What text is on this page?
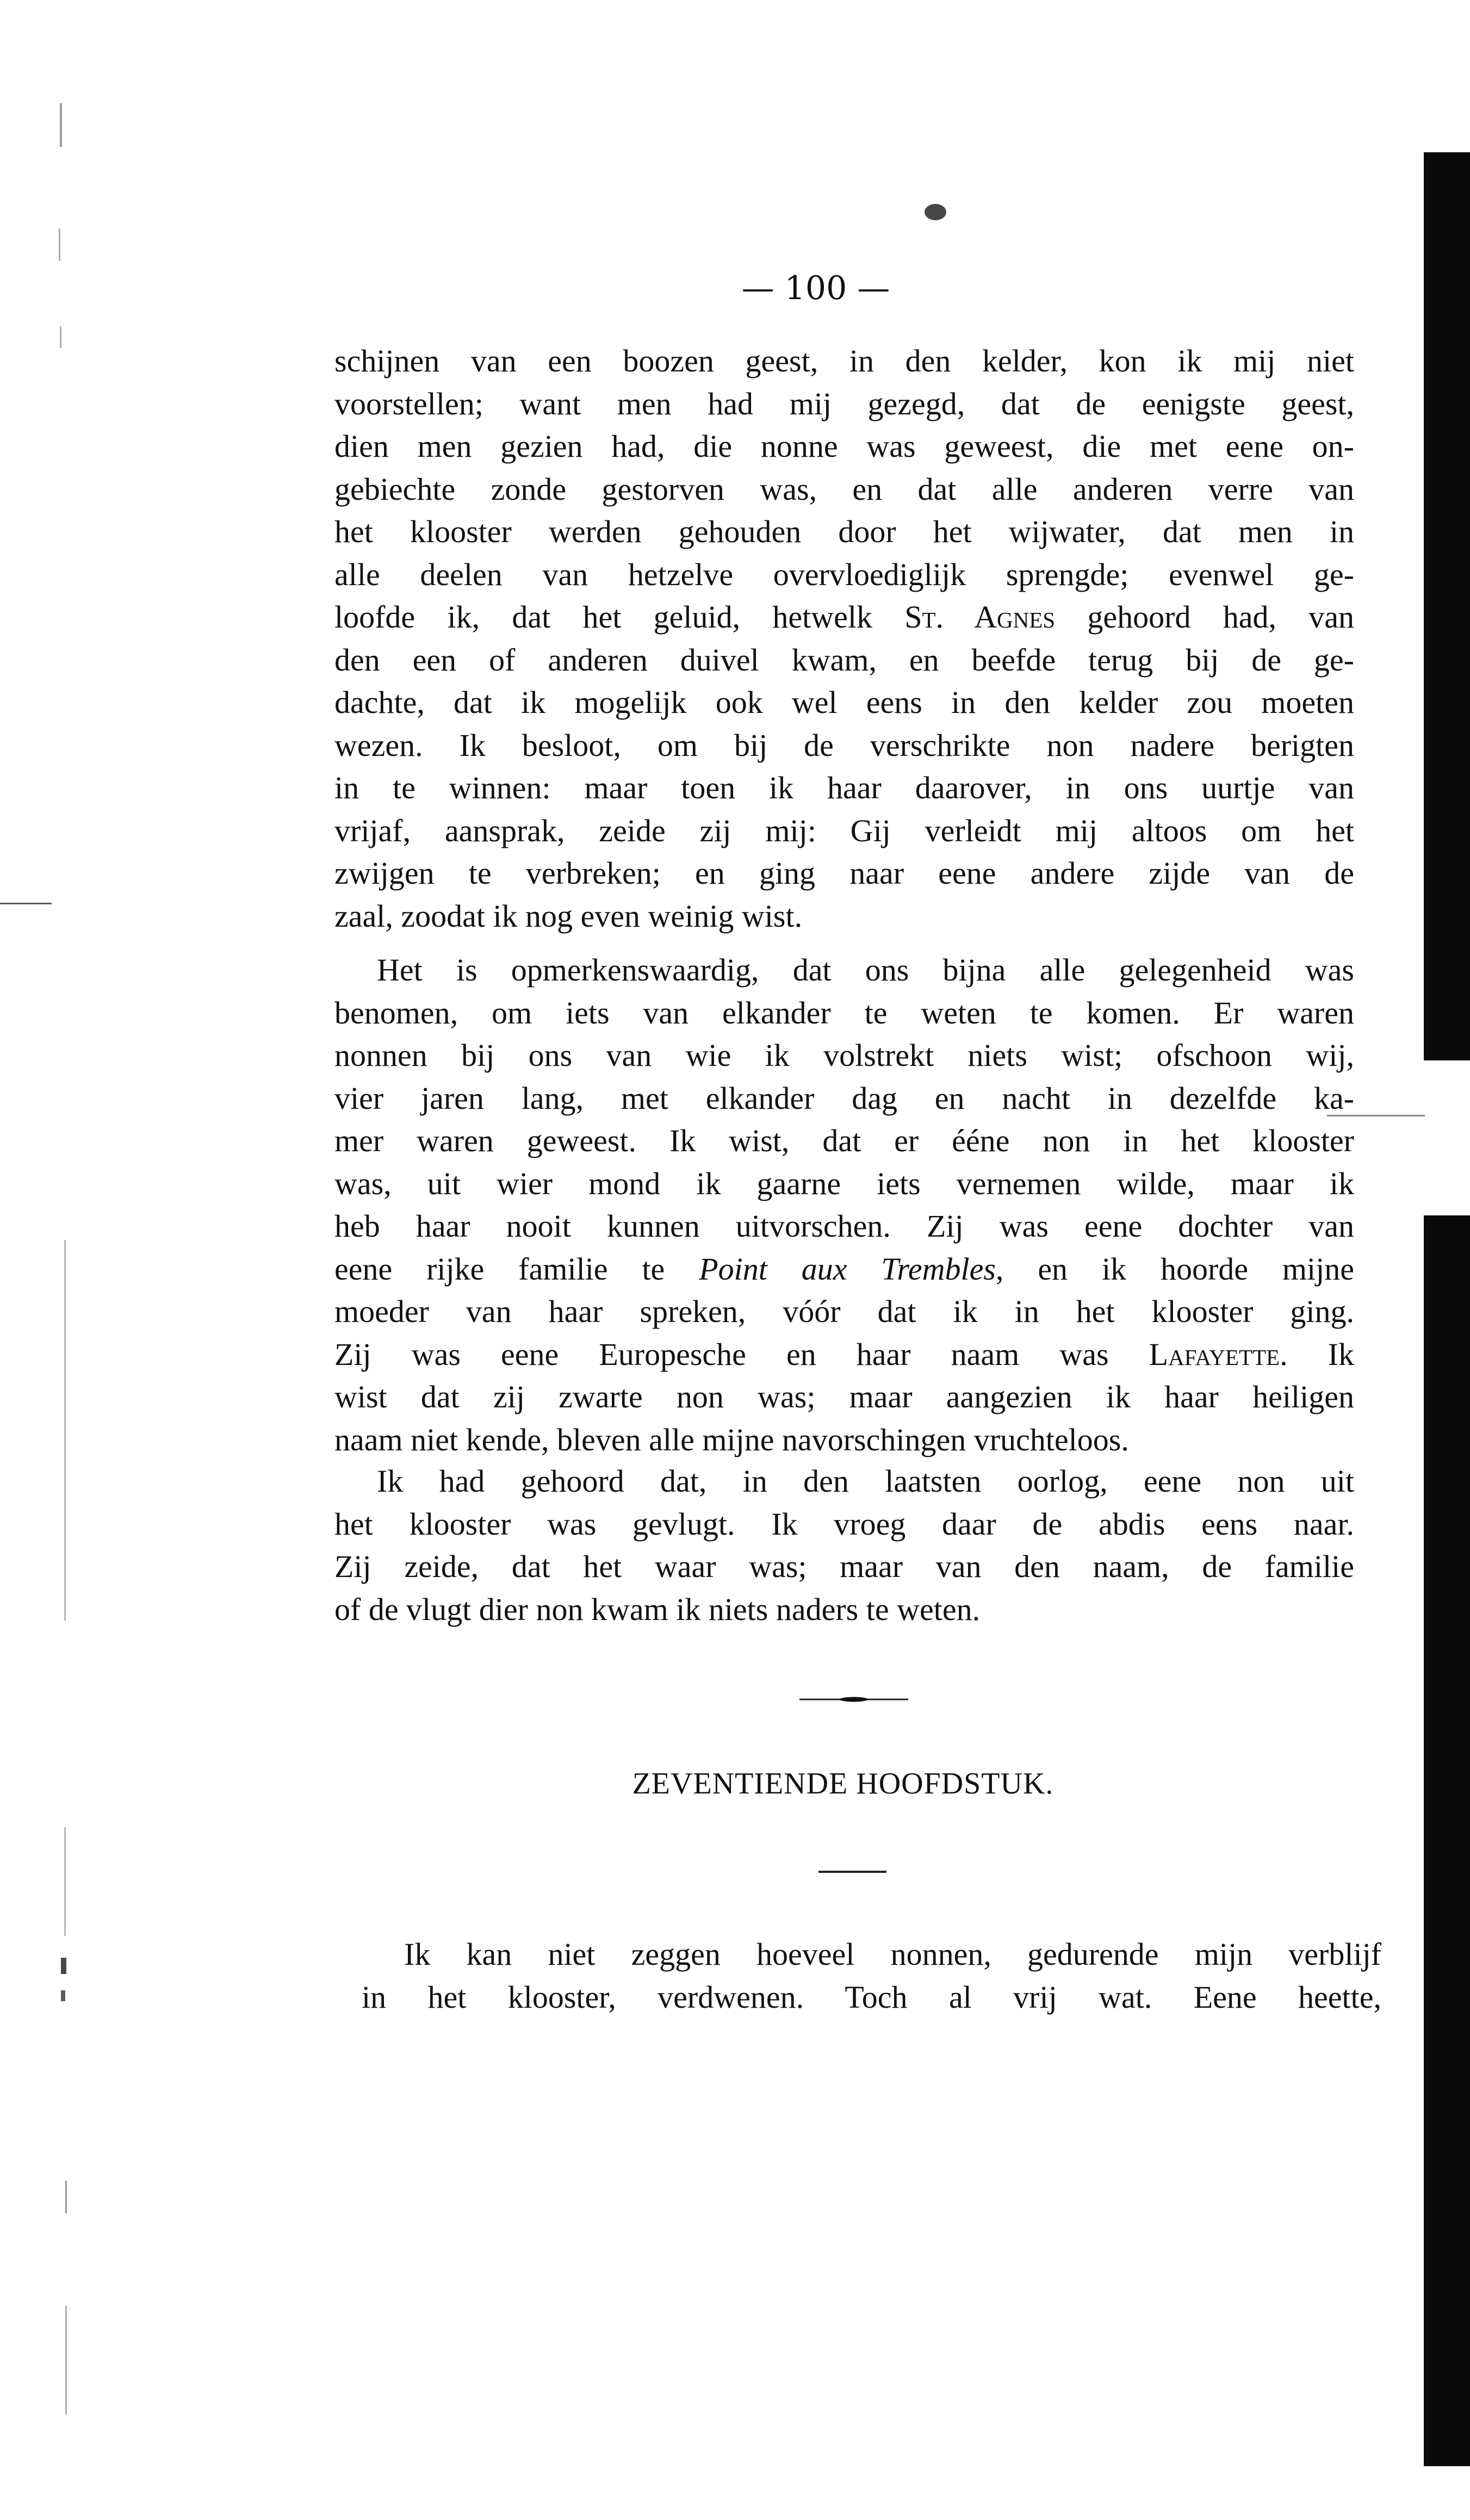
— 100 —
schijnen van een boozen geest, in den kelder, kon ik mij niet
voorstellen; want men had mij gezegd, dat de eenigste geest,
dien men gezien had, die nonne was geweest, die met eene on-
gebiechte zonde gestorven was, en dat alle anderen verre van
het klooster werden gehouden door het wijwater, dat men in
alle deelen van hetzelve overvloediglijk sprengde; evenwel ge-
loofde ik, dat het geluid, hetwelk St. Agnes gehoord had, van
den een of anderen duivel kwam, en beefde terug bij de ge-
dachte, dat ik mogelijk ook wel eens in den kelder zou moeten
wezen. Ik besloot, om bij de verschrikte non nadere berigten
in te winnen: maar toen ik haar daarover, in ons uurtje van
vrijaf, aansprak, zeide zij mij: Gij verleidt mij altoos om het
zwijgen te verbreken; en ging naar eene andere zijde van de
zaal, zoodat ik nog even weinig wist.
Het is opmerkenswaardig, dat ons bijna alle gelegenheid was
benomen, om iets van elkander te weten te komen. Er waren
nonnen bij ons van wie ik volstrekt niets wist; ofschoon wij,
vier jaren lang, met elkander dag en nacht in dezelfde ka-
mer waren geweest. Ik wist, dat er ééne non in het klooster
was, uit wier mond ik gaarne iets vernemen wilde, maar ik
heb haar nooit kunnen uitvorschen. Zij was eene dochter van
eene rijke familie te Point aux Trembles, en ik hoorde mijne
moeder van haar spreken, vóór dat ik in het klooster ging.
Zij was eene Europesche en haar naam was Lafayette. Ik
wist dat zij zwarte non was; maar aangezien ik haar heiligen
naam niet kende, bleven alle mijne navorschingen vruchteloos.
Ik had gehoord dat, in den laatsten oorlog, eene non uit
het klooster was gevlugt. Ik vroeg daar de abdis eens naar.
Zij zeide, dat het waar was; maar van den naam, de familie
of de vlugt dier non kwam ik niets naders te weten.
ZEVENTIENDE HOOFDSTUK.
Ik kan niet zeggen hoeveel nonnen, gedurende mijn verblijf
in het klooster, verdwenen. Toch al vrij wat. Eene heette,
